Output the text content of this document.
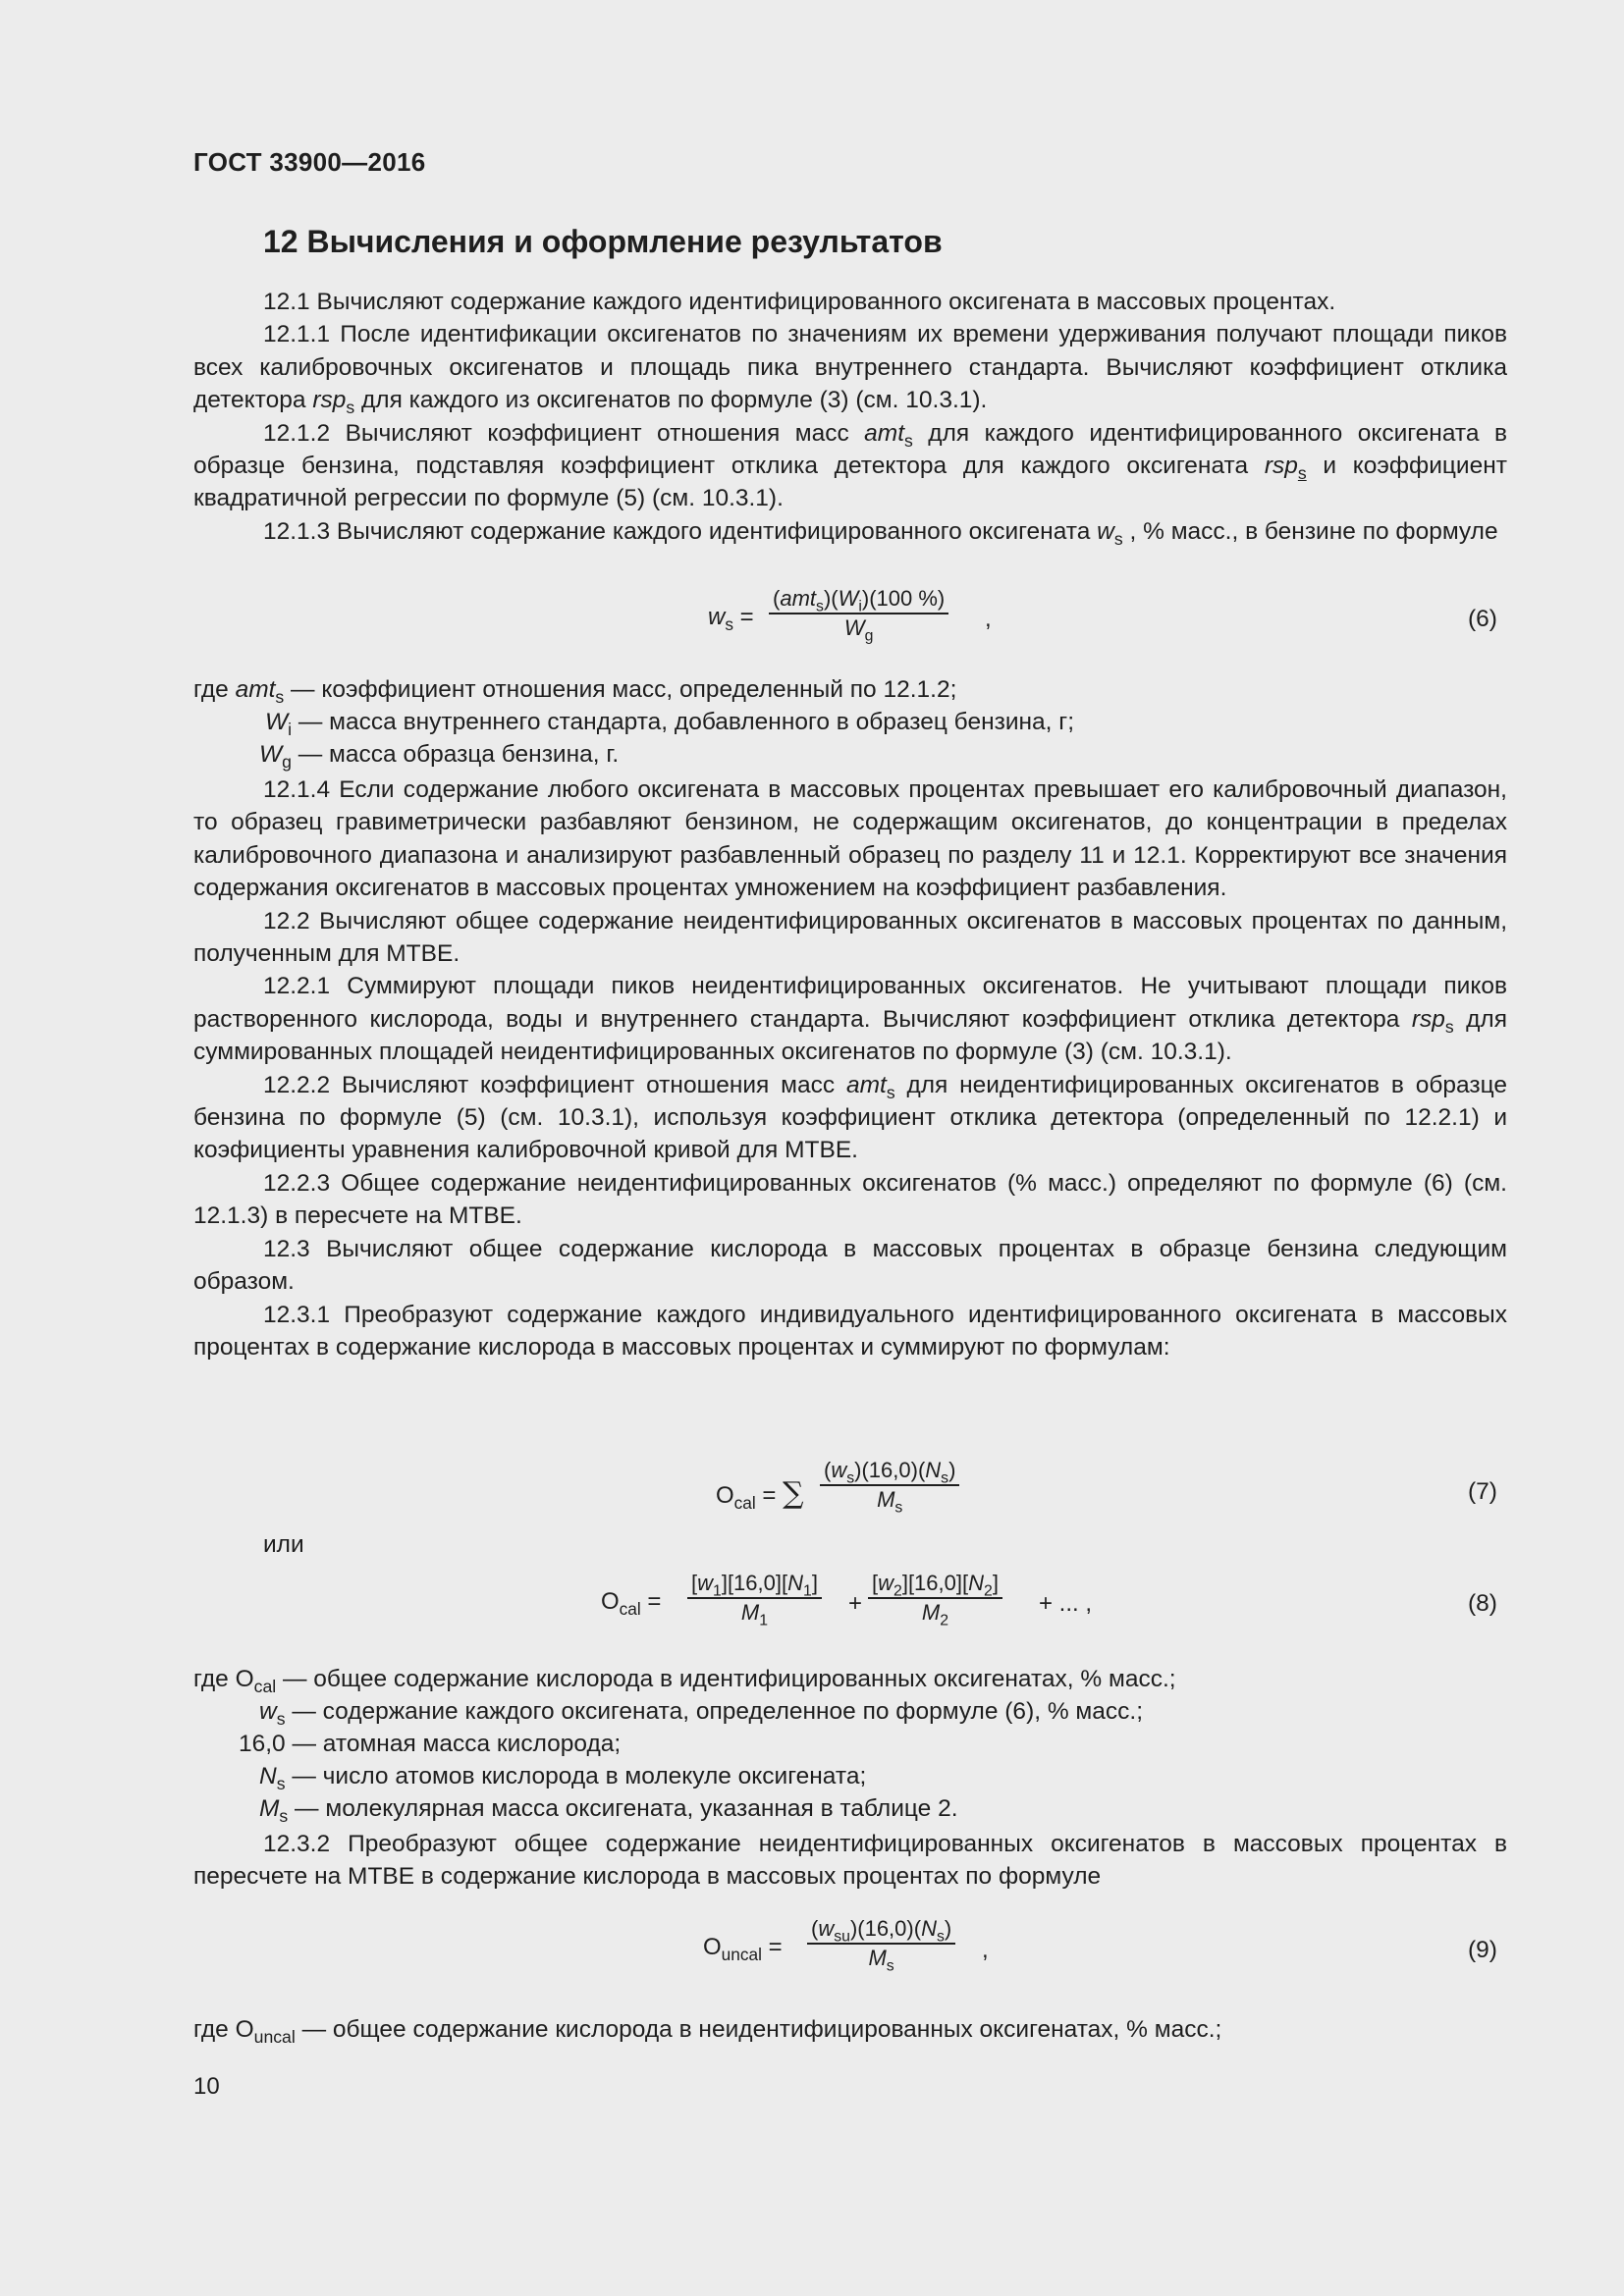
ГОСТ 33900—2016
12 Вычисления и оформление результатов

12.1 Вычисляют содержание каждого идентифицированного оксигената в массовых процентах.

12.1.1 После идентификации оксигенатов по значениям их времени удерживания получают площади пиков всех калибровочных оксигенатов и площадь пика внутреннего стандарта. Вычисляют коэффициент отклика детектора rsp$_s$ для каждого из оксигенатов по формуле (3) (см. 10.3.1).

12.1.2 Вычисляют коэффициент отношения масс amt$_s$ для каждого идентифицированного оксигената в образце бензина, подставляя коэффициент отклика детектора для каждого оксигената rsp$_s$ и коэффициент квадратичной регрессии по формуле (5) (см. 10.3.1).

12.1.3 Вычисляют содержание каждого идентифицированного оксигената $w_s$ , % масс., в бензине по формуле

$w_s$ =
$(amt_s)(W_i)(100$ %)
$W_g$
,	(6)
где amt$_s$ — коэффициент отношения масс, определенный по 12.1.2;
$W_i$ — масса внутреннего стандарта, добавленного в образец бензина, г;
$W_g$ — масса образца бензина, г.

12.1.4 Если содержание любого оксигената в массовых процентах превышает его калибровочный диапазон, то образец гравиметрически разбавляют бензином, не содержащим оксигенатов, до концентрации в пределах калибровочного диапазона и анализируют разбавленный образец по разделу 11 и 12.1. Корректируют все значения содержания оксигенатов в массовых процентах умножением на коэффициент разбавления.

12.2 Вычисляют общее содержание неидентифицированных оксигенатов в массовых процентах по данным, полученным для МТВЕ.

12.2.1 Суммируют площади пиков неидентифицированных оксигенатов. Не учитывают площади пиков растворенного кислорода, воды и внутреннего стандарта. Вычисляют коэффициент отклика детектора rsp$_s$ для суммированных площадей неидентифицированных оксигенатов по формуле (3) (см. 10.3.1).

12.2.2 Вычисляют коэффициент отношения масс amt$_s$ для неидентифицированных оксигенатов в образце бензина по формуле (5) (см. 10.3.1), используя коэффициент отклика детектора (определенный по 12.2.1) и коэфициенты уравнения калибровочной кривой для МТВЕ.

12.2.3 Общее содержание неидентифицированных оксигенатов (% масс.) определяют по формуле (6) (см. 12.1.3) в пересчете на МТВЕ.

12.3 Вычисляют общее содержание кислорода в массовых процентах в образце бензина следующим образом.

12.3.1 Преобразуют содержание каждого индивидуального идентифицированного оксигената в массовых процентах в содержание кислорода в массовых процентах и суммируют по формулам:

$O_{cal}$ = ∑ $\frac{(w_s)(16,0)(N_s)}{M_s}$	(7)
или
$O_{cal} = \frac{[w_1][16,0][N_1]}{M_1} + \frac{[w_2][16,0][N_2]}{M_2}$ + ... ,	(8)
где $O_{cal}$ — общее содержание кислорода в идентифицированных оксигенатах, % масс.;
$w_s$ — содержание каждого оксигената, определенное по формуле (6), % масс.;
16,0 — атомная масса кислорода;
$N_s$ — число атомов кислорода в молекуле оксигената;
$M_s$ — молекулярная масса оксигената, указанная в таблице 2.

12.3.2 Преобразуют общее содержание неидентифицированных оксигенатов в массовых процентах в пересчете на МТВЕ в содержание кислорода в массовых процентах по формуле

$O_{uncal}$ =
$(w_{su})(16,0)(N_s)$
$M_s$
,	(9)
где $O_{uncal}$ — общее содержание кислорода в неидентифицированных оксигенатах, % масс.;
10
